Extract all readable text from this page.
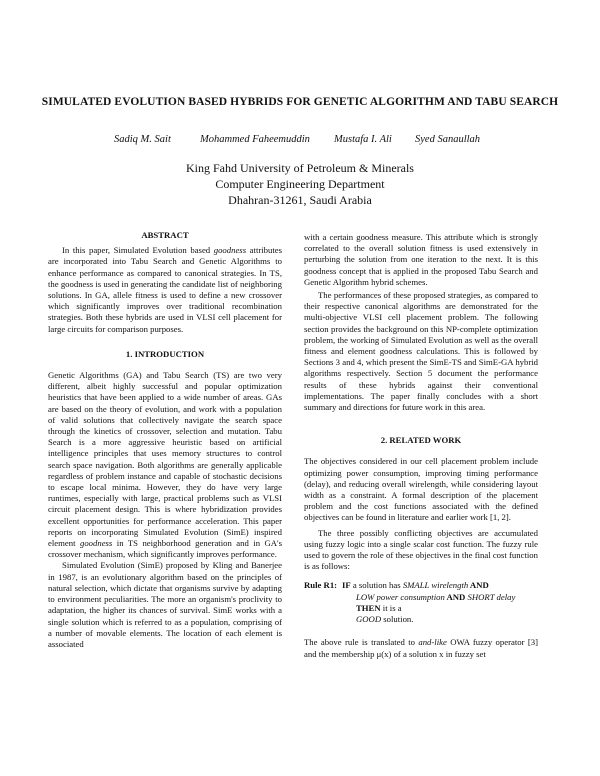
SIMULATED EVOLUTION BASED HYBRIDS FOR GENETIC ALGORITHM AND TABU SEARCH
Sadiq M. Sait	Mohammed Faheemuddin Mustafa I. Ali Syed Sanaullah
King Fahd University of Petroleum & Minerals
Computer Engineering Department
Dhahran-31261, Saudi Arabia
ABSTRACT

In this paper, Simulated Evolution based goodness attributes are incorporated into Tabu Search and Genetic Algorithms to enhance performance as compared to canonical strategies. In TS, the goodness is used in generating the candidate list of neighboring solutions. In GA, allele fitness is used to define a new crossover which significantly improves over traditional recombination strategies. Both these hybrids are used in VLSI cell placement for large circuits for comparison purposes.

1. INTRODUCTION

Genetic Algorithms (GA) and Tabu Search (TS) are two very different, albeit highly successful and popular optimization heuristics that have been applied to a wide number of areas. GAs are based on the theory of evolution, and work with a population of valid solutions that collectively navigate the search space through the kinetics of crossover, selection and mutation. Tabu Search is a more aggressive heuristic based on artificial intelligence principles that uses memory structures to control search space navigation. Both algorithms are generally applicable regardless of problem instance and capable of stochastic decisions to escape local minima. However, they do have very large runtimes, especially with large, practical problems such as VLSI circuit placement design. This is where hybridization provides excellent opportunities for performance acceleration. This paper reports on incorporating Simulated Evolution (SimE) inspired element goodness in TS neighborhood generation and in GA's crossover mechanism, which significantly improves performance.

Simulated Evolution (SimE) proposed by Kling and Banerjee in 1987, is an evolutionary algorithm based on the principles of natural selection, which dictate that organisms survive by adapting to environment peculiarities. The more an organism's proclivity to adaptation, the higher its chances of survival. SimE works with a single solution which is referred to as a population, comprising of a number of movable elements. The location of each element is associated

with a certain goodness measure. This attribute which is strongly correlated to the overall solution fitness is used extensively in perturbing the solution from one iteration to the next. It is this goodness concept that is applied in the proposed Tabu Search and Genetic Algorithm hybrid schemes.

The performances of these proposed strategies, as compared to their respective canonical algorithms are demonstrated for the multi-objective VLSI cell placement problem. The following section provides the background on this NP-complete optimization problem, the working of Simulated Evolution as well as the overall fitness and element goodness calculations. This is followed by Sections 3 and 4, which present the SimE-TS and SimE-GA hybrid algorithms respectively. Section 5 document the performance results of these hybrids against their conventional implementations. The paper finally concludes with a short summary and directions for future work in this area.

2. RELATED WORK

The objectives considered in our cell placement problem include optimizing power consumption, improving timing performance (delay), and reducing overall wirelength, while considering layout width as a constraint. A formal description of the placement problem and the cost functions associated with the defined objectives can be found in literature and earlier work [1, 2].

The three possibly conflicting objectives are accumulated using fuzzy logic into a single scalar cost function. The fuzzy rule used to govern the role of these objectives in the final cost function is as follows:

Rule R1: IF a solution has SMALL wirelength AND
LOW power consumption AND SHORT delay THEN it is a
GOOD solution.

The above rule is translated to and-like OWA fuzzy operator [3] and the membership μ(x) of a solution x in fuzzy set
